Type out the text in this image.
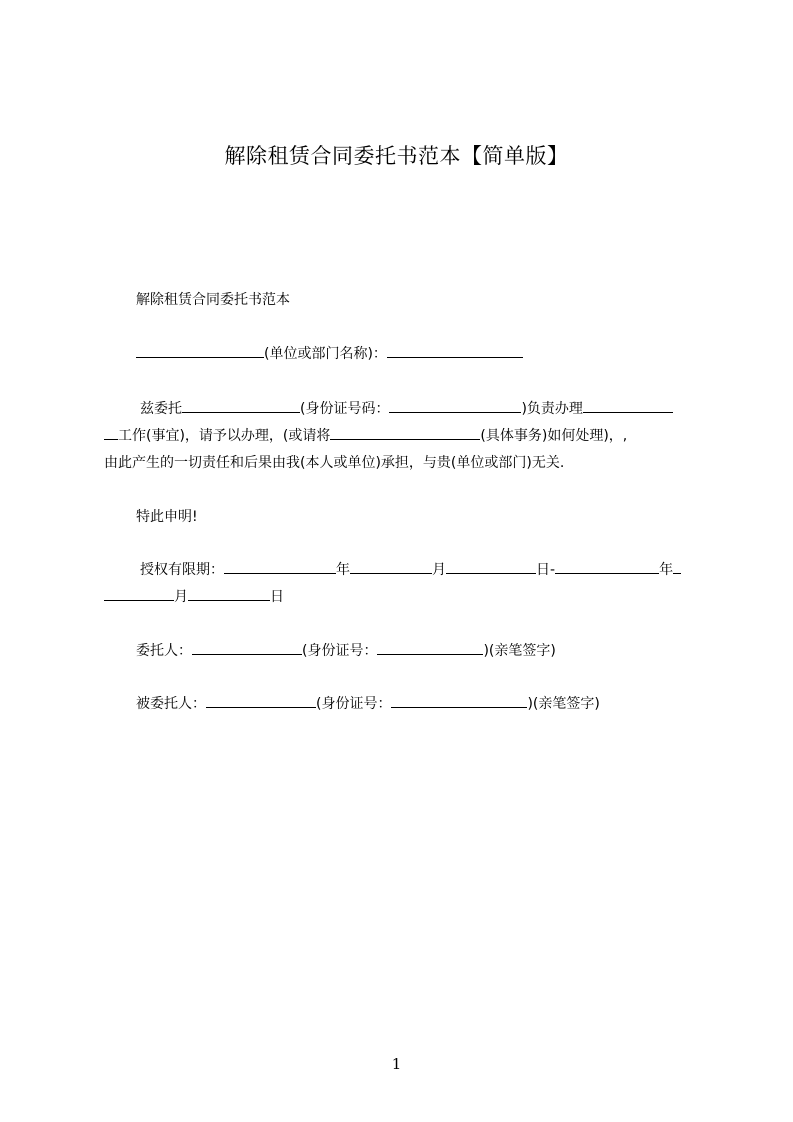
解除租赁合同委托书范本【简单版】
解除租赁合同委托书范本
(单位或部门名称)：
兹委托	(身份证号码：	)负责办理
工作(事宜)，请予以办理，(或请将	(具体事务)如何处理)，,
由此产生的一切责任和后果由我(本人或单位)承担，与贵(单位或部门)无关.
特此申明!
授权有限期：	年	月	日-	年
月	日
委托人：	(身份证号：	)(亲笔签字)
被委托人：	(身份证号：	)(亲笔签字)
1
